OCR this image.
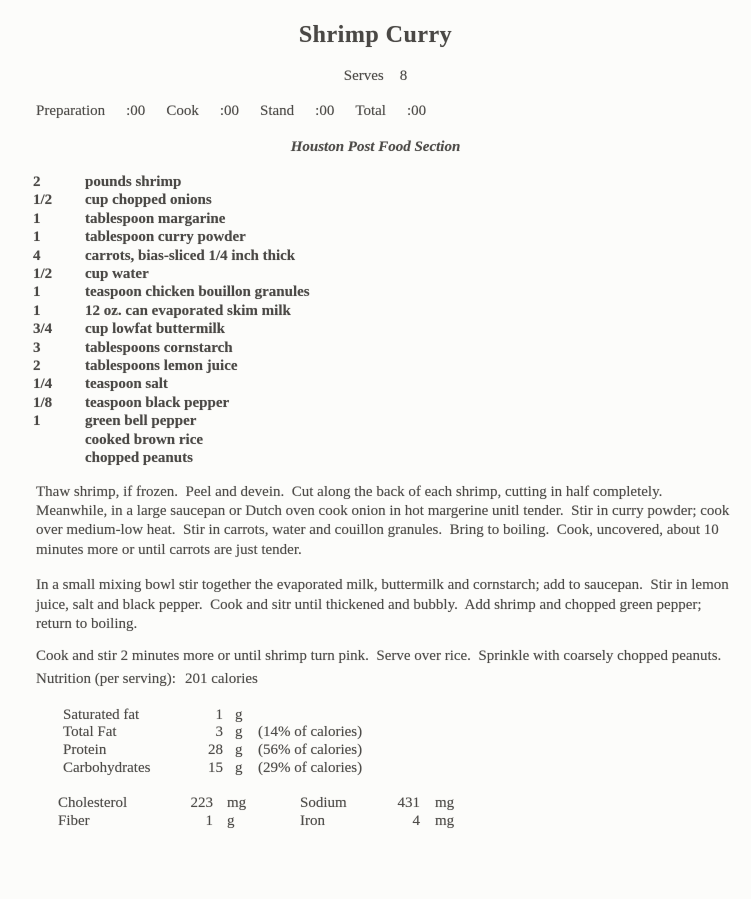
Shrimp Curry
Serves 8
Preparation :00 Cook :00 Stand :00 Total :00
Houston Post Food Section
2	pounds shrimp
1/2	cup chopped onions
1	tablespoon margarine
1	tablespoon curry powder
4	carrots, bias-sliced 1/4 inch thick
1/2	cup water
1	teaspoon chicken bouillon granules
1	12 oz. can evaporated skim milk
3/4	cup lowfat buttermilk
3	tablespoons cornstarch
2	tablespoons lemon juice
1/4	teaspoon salt
1/8	teaspoon black pepper
1	green bell pepper
cooked brown rice
chopped peanuts

Thaw shrimp, if frozen.  Peel and devein.  Cut along the back of each shrimp, cutting in half completely.  Meanwhile, in a large saucepan or Dutch oven cook onion in hot margerine unitl tender.  Stir in curry powder; cook over medium-low heat.  Stir in carrots, water and couillon granules.  Bring to boiling.  Cook, uncovered, about 10 minutes more or until carrots are just tender.

In a small mixing bowl stir together the evaporated milk, buttermilk and cornstarch; add to saucepan.  Stir in lemon juice, salt and black pepper.  Cook and sitr until thickened and bubbly.  Add shrimp and chopped green pepper; return to boiling.

Cook and stir 2 minutes more or until shrimp turn pink.  Serve over rice.  Sprinkle with coarsely chopped peanuts.

Nutrition (per serving): 201 calories
Saturated fat	1 g
Total Fat	3 g	(14% of calories)
Protein	28 g	(56% of calories)
Carbohydrates	15 g	(29% of calories)
Cholesterol	223 mg	Sodium	431 mg
Fiber	1 g	Iron	4 mg
